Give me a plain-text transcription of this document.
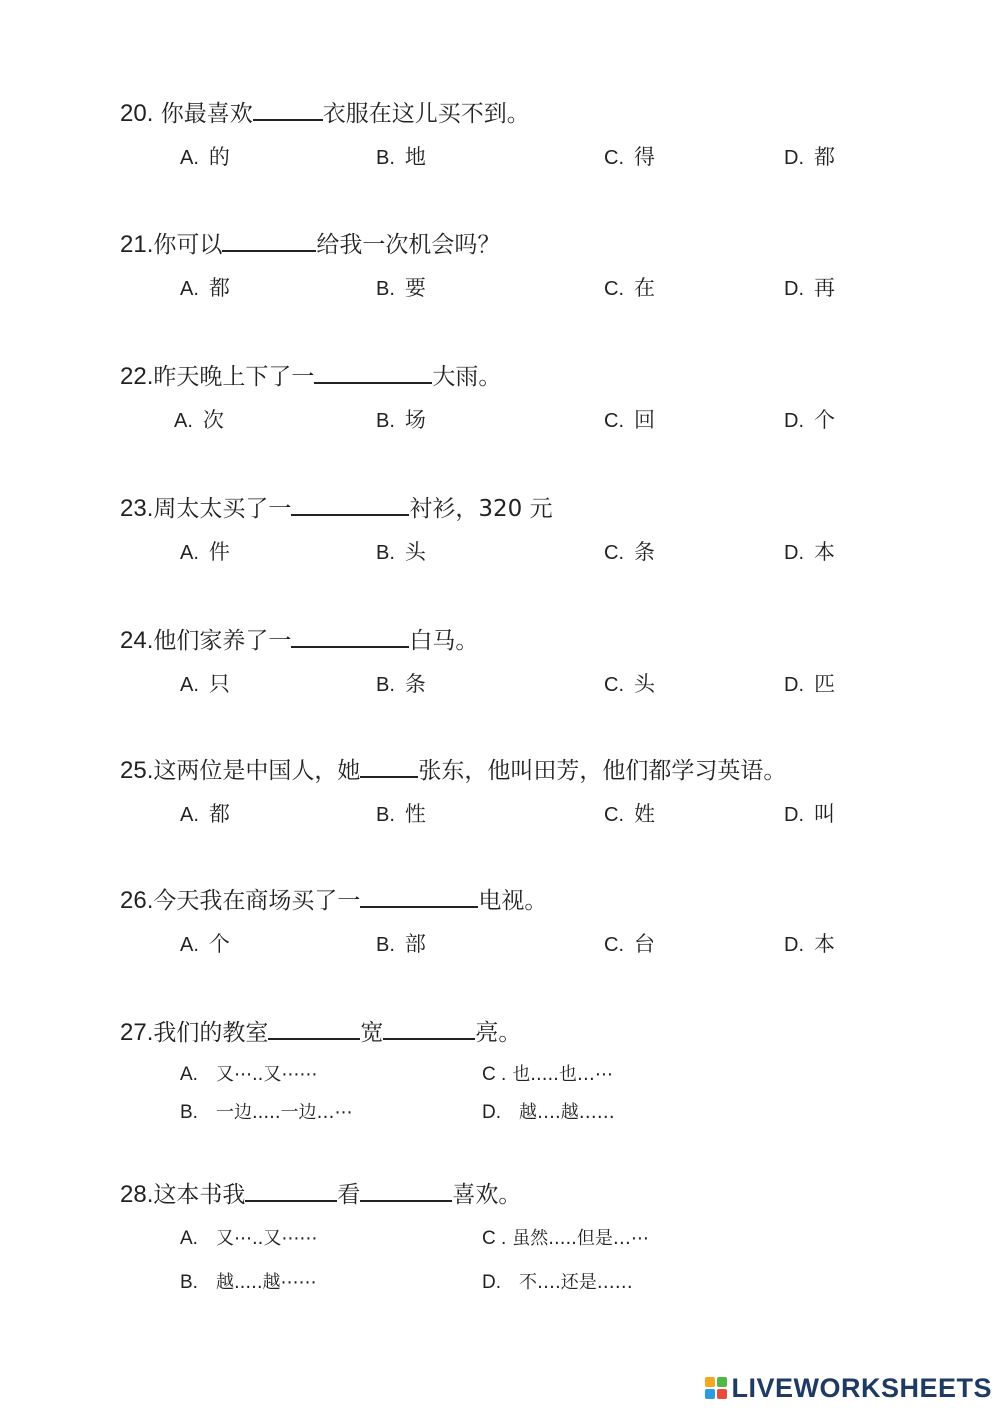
20. 你最喜欢	衣服在这儿买不到。
A. 的	B. 地	C. 得	D. 都
21.你可以	给我一次机会吗？
A. 都	B. 要	C. 在	D. 再
22.昨天晚上下了一	大雨。
A. 次	B. 场	C. 回	D. 个
23.周太太买了一	衬衫，320 元
A. 件	B. 头	C. 条	D. 本
24.他们家养了一	白马。
A. 只	B. 条	C. 头	D. 匹
25.这两位是中国人，她	张东，他叫田芳，他们都学习英语。
A. 都	B. 性	C. 姓	D. 叫
26.今天我在商场买了一	电视。
A. 个	B. 部	C. 台	D. 本
27.我们的教室	宽	亮。
A. 又⋯..又⋯⋯	C . 也.....也…⋯
B. 一边.....一边…⋯	D. 越….越……
28.这本书我	看	喜欢。
A. 又⋯..又⋯⋯	C . 虽然.....但是…⋯
B. 越.....越⋯⋯	D. 不….还是……
LIVEWORKSHEETS
